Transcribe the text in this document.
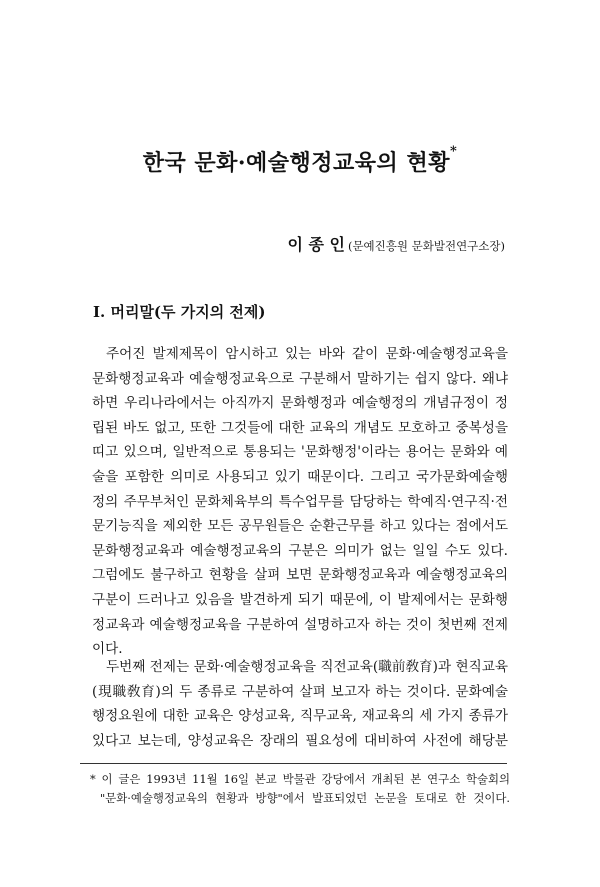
한국 문화·예술행정교육의 현황*
이 종 인 (문예진흥원 문화발전연구소장)
I. 머리말(두 가지의 전제)
주어진 발제제목이 암시하고 있는 바와 같이 문화·예술행정교육을
문화행정교육과 예술행정교육으로 구분해서 말하기는 쉽지 않다. 왜냐
하면 우리나라에서는 아직까지 문화행정과 예술행정의 개념규정이 정
립된 바도 없고, 또한 그것들에 대한 교육의 개념도 모호하고 중복성을
띠고 있으며, 일반적으로 통용되는 '문화행정'이라는 용어는 문화와 예
술을 포함한 의미로 사용되고 있기 때문이다. 그리고 국가문화예술행
정의 주무부처인 문화체육부의 특수업무를 담당하는 학예직·연구직·전
문기능직을 제외한 모든 공무원들은 순환근무를 하고 있다는 점에서도
문화행정교육과 예술행정교육의 구분은 의미가 없는 일일 수도 있다.
그럼에도 불구하고 현황을 살펴 보면 문화행정교육과 예술행정교육의
구분이 드러나고 있음을 발견하게 되기 때문에, 이 발제에서는 문화행
정교육과 예술행정교육을 구분하여 설명하고자 하는 것이 첫번째 전제
이다.
두번째 전제는 문화·예술행정교육을 직전교육(職前敎育)과 현직교육
(現職敎育)의 두 종류로 구분하여 살펴 보고자 하는 것이다. 문화예술
행정요원에 대한 교육은 양성교육, 직무교육, 재교육의 세 가지 종류가
있다고 보는데, 양성교육은 장래의 필요성에 대비하여 사전에 해당분
* 이 글은 1993년 11월 16일 본교 박물관 강당에서 개최된 본 연구소 학술회의
"문화·예술행정교육의 현황과 방향"에서 발표되었던 논문을 토대로 한 것이다.
